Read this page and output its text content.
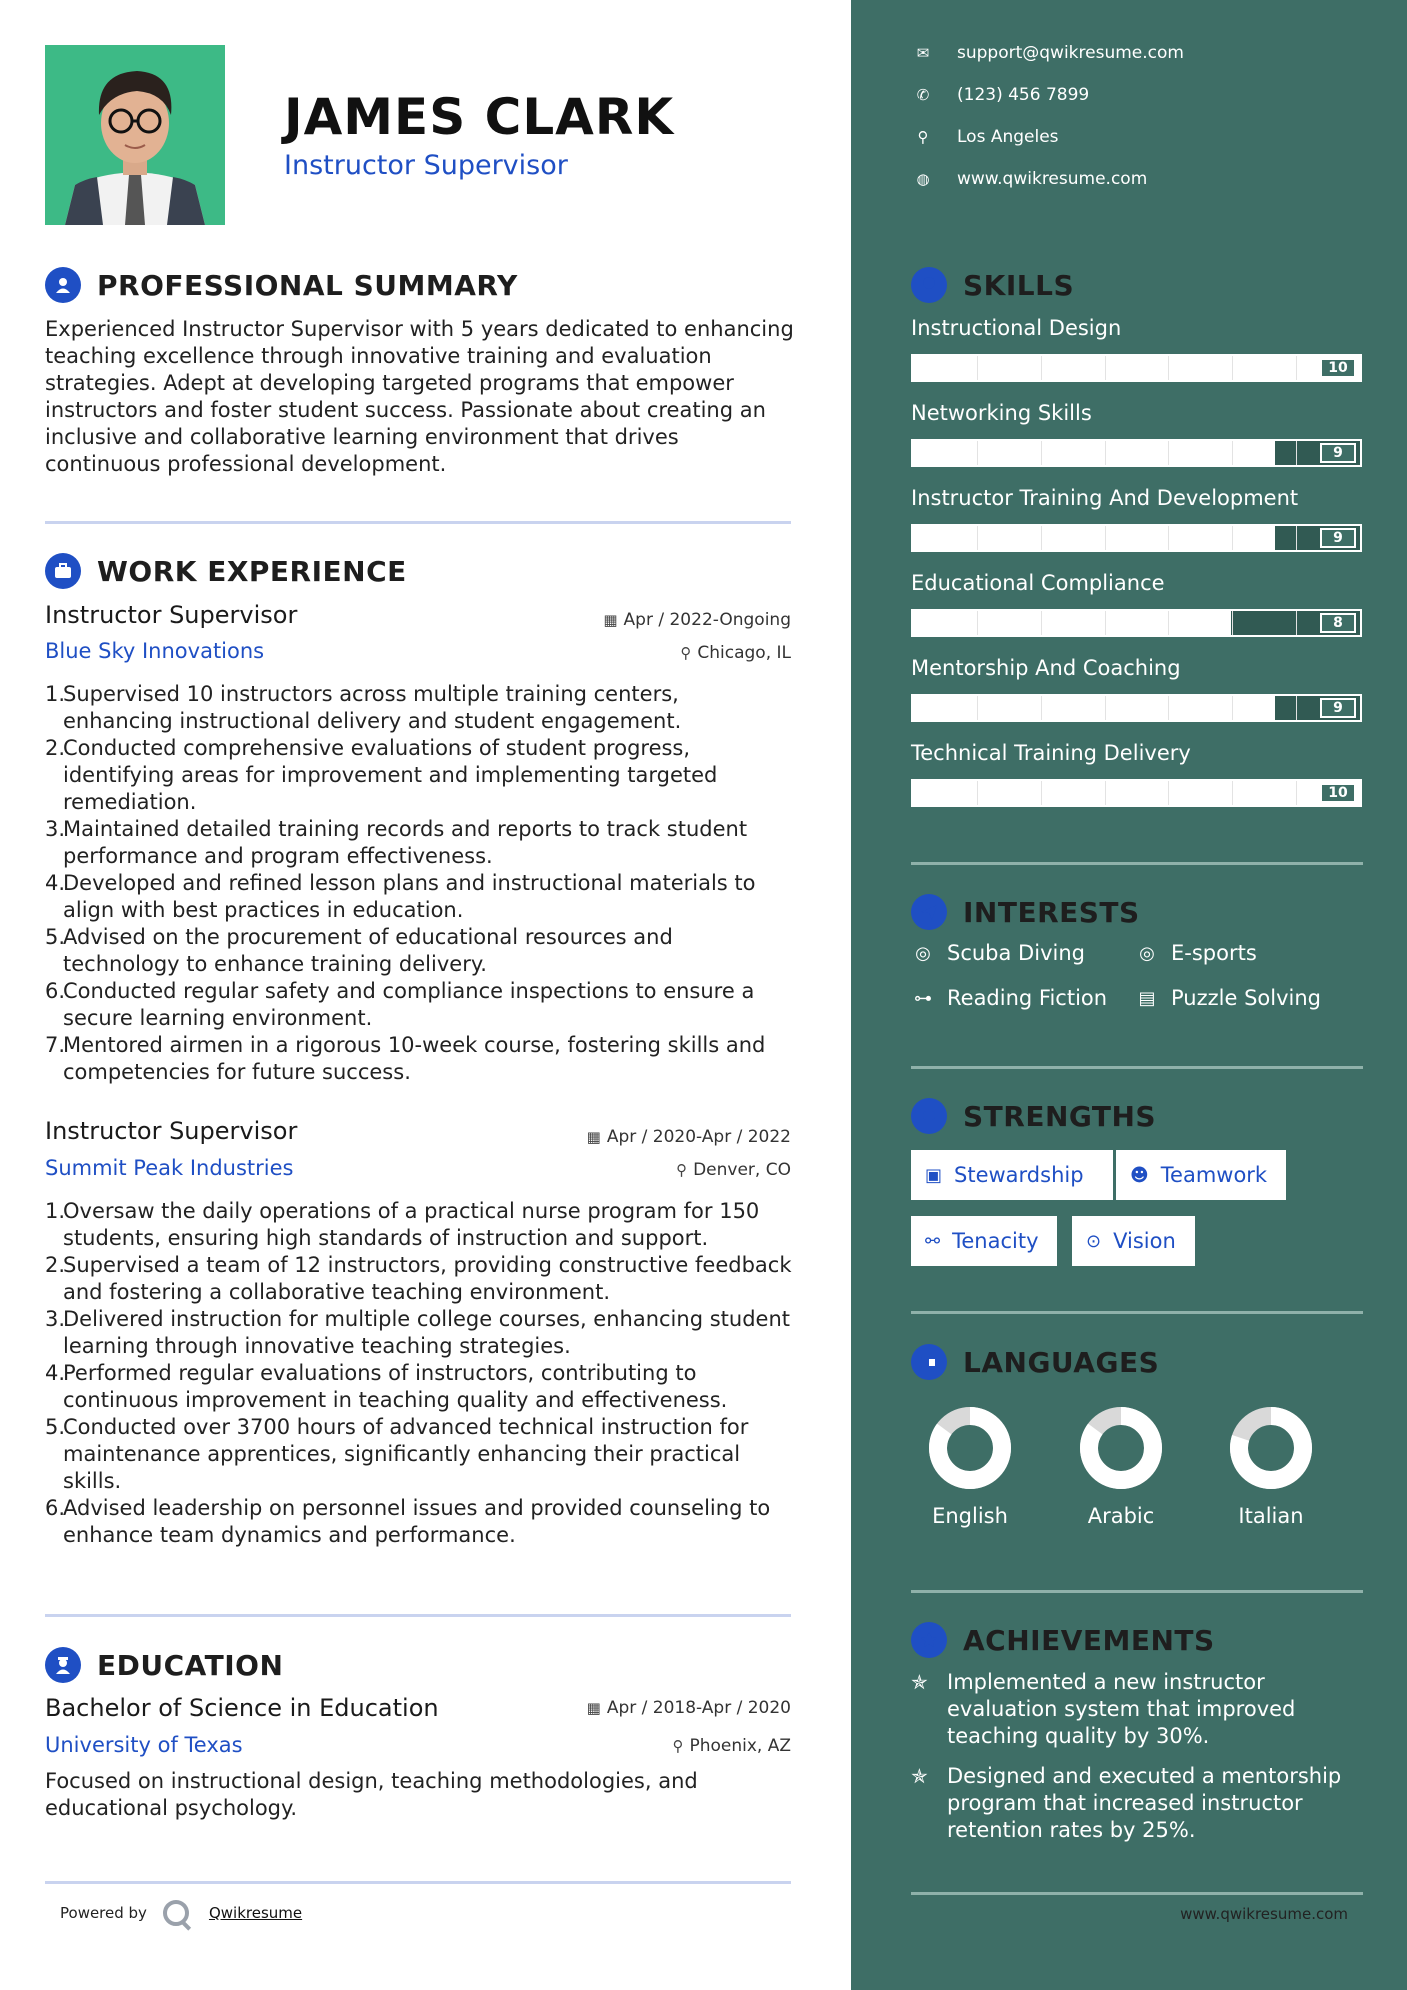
JAMES CLARK
Instructor Supervisor
PROFESSIONAL SUMMARY
Experienced Instructor Supervisor with 5 years dedicated to enhancing
teaching excellence through innovative training and evaluation
strategies. Adept at developing targeted programs that empower
instructors and foster student success. Passionate about creating an
inclusive and collaborative learning environment that drives
continuous professional development.
WORK EXPERIENCE
Instructor Supervisor	▦ Apr / 2022-Ongoing
Blue Sky Innovations	⚲ Chicago, IL
1.Supervised 10 instructors across multiple training centers, enhancing instructional delivery and student engagement.
2.Conducted comprehensive evaluations of student progress, identifying areas for improvement and implementing targeted remediation.
3.Maintained detailed training records and reports to track student performance and program effectiveness.
4.Developed and refined lesson plans and instructional materials to align with best practices in education.
5.Advised on the procurement of educational resources and technology to enhance training delivery.
6.Conducted regular safety and compliance inspections to ensure a secure learning environment.
7.Mentored airmen in a rigorous 10-week course, fostering skills and competencies for future success.
Instructor Supervisor	▦ Apr / 2020-Apr / 2022
Summit Peak Industries	⚲ Denver, CO
1.Oversaw the daily operations of a practical nurse program for 150 students, ensuring high standards of instruction and support.
2.Supervised a team of 12 instructors, providing constructive feedback and fostering a collaborative teaching environment.
3.Delivered instruction for multiple college courses, enhancing student learning through innovative teaching strategies.
4.Performed regular evaluations of instructors, contributing to continuous improvement in teaching quality and effectiveness.
5.Conducted over 3700 hours of advanced technical instruction for maintenance apprentices, significantly enhancing their practical skills.
6.Advised leadership on personnel issues and provided counseling to enhance team dynamics and performance.
EDUCATION
Bachelor of Science in Education	▦ Apr / 2018-Apr / 2020
University of Texas	⚲ Phoenix, AZ
Focused on instructional design, teaching methodologies, and
educational psychology.
Powered by	Qwikresume
✉ support@qwikresume.com
✆ (123) 456 7899
⚲	Los Angeles
◍ www.qwikresume.com
SKILLS
Instructional Design
10
Networking Skills
9
Instructor Training And Development
9
Educational Compliance
8
Mentorship And Coaching
9
Technical Training Delivery
10
INTERESTS
◎ Scuba Diving	◎ E-sports
⊶ Reading Fiction ▤ Puzzle Solving
STRENGTHS
▣ Stewardship	☻ Teamwork
⚯ Tenacity	⊙ Vision
LANGUAGES
English	Arabic	Italian
ACHIEVEMENTS
✯ Implemented a new instructor
evaluation system that improved
teaching quality by 30%.
✯ Designed and executed a mentorship
program that increased instructor
retention rates by 25%.
www.qwikresume.com
